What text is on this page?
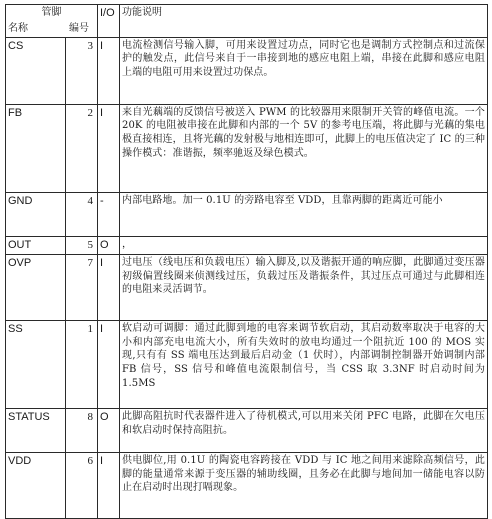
管脚		I/O	功能说明

名称 编号			

CS	3	I	电流检测信号输入脚，可用来设置过功点，同时它也是调制方式控制点和过流保护的触发点，此信号来自于一串接到地的感应电阻上端，串接在此脚和感应电阻上端的电阻可用来设置过功保点。

FB	2	I	来自光藕端的反馈信号被送入 PWM 的比较器用来限制开关管的峰值电流。一个 20K 的电阻被串接在此脚和内部的一个 5V 的参考电压端，将此脚与光藕的集电极直接相连，且将光藕的发射极与地相连即可，此脚上的电压值决定了 IC 的三种操作模式：准谐振，频率驰返及绿色模式。

GND	4	-	内部电路地。加一 0.1U 的旁路电容至 VDD，且靠两脚的距离近可能小

OUT	5	O	，

OVP	7	I	过电压（线电压和负载电压）输入脚及,以及谐振开通的响应脚，此脚通过变压器初级偏置线圈来侦测线过压，负载过压及谐振条件，其过压点可通过与此脚相连的电阻来灵活调节。

SS	1	I	软启动可调脚：通过此脚到地的电容来调节软启动，其启动数率取决于电容的大小和内部充电电流大小，所有失效时的放电均通过一个阻抗近 100 的 MOS 实现,只有有 SS 端电压达到最后启动金（1 伏时），内部调制控制器开始调制内部 FB 信号，SS 信号和峰值电流限制信号，当 CSS 取 3.3NF 时启动时间为 1.5MS

STATUS	8	O	此脚高阻抗时代表器件进入了待机模式,可以用来关闭 PFC 电路，此脚在欠电压和软启动时保持高阻抗。

VDD	6	I	供电脚位,用 0.1U 的陶瓷电容跨接在 VDD 与 IC 地之间用来滤除高频信号，此脚的能量通常来源于变压器的辅助线圈，且务必在此脚与地间加一储能电容以防止在启动时出现打嗝现象。
